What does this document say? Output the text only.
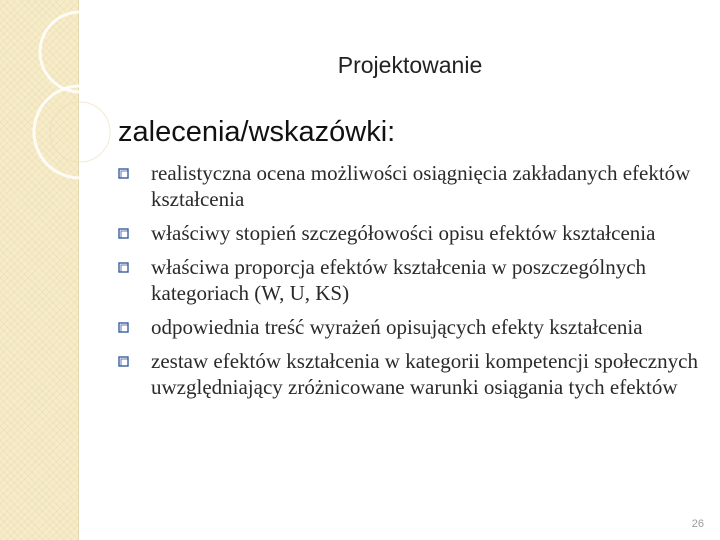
Projektowanie
zalecenia/wskazówki:
realistyczna ocena możliwości osiągnięcia zakładanych efektów kształcenia
właściwy stopień szczegółowości opisu efektów kształcenia
właściwa proporcja efektów kształcenia w poszczególnych kategoriach (W, U, KS)
odpowiednia treść wyrażeń opisujących efekty kształcenia
zestaw efektów kształcenia w kategorii kompetencji społecznych uwzględniający zróżnicowane warunki osiągania tych efektów
26
